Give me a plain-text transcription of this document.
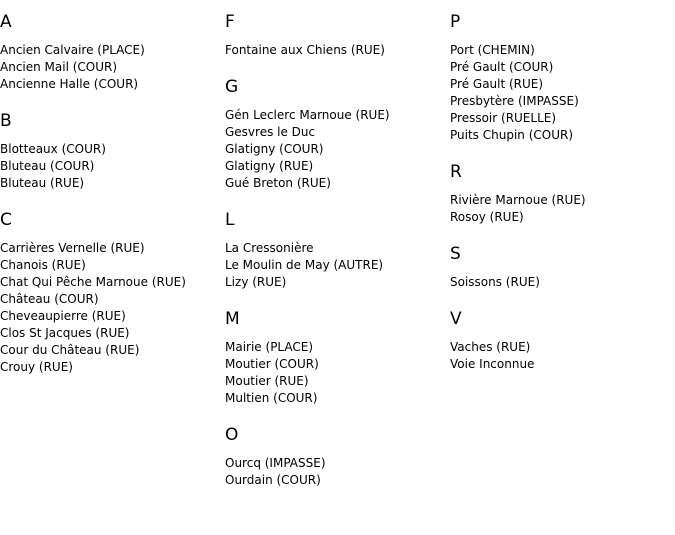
A
Ancien Calvaire (PLACE)
Ancien Mail (COUR)
Ancienne Halle (COUR)
B
Blotteaux (COUR)
Bluteau (COUR)
Bluteau (RUE)
C
Carrières Vernelle (RUE)
Chanois (RUE)
Chat Qui Pêche Marnoue (RUE)
Château (COUR)
Cheveaupierre (RUE)
Clos St Jacques (RUE)
Cour du Château (RUE)
Crouy (RUE)
F
Fontaine aux Chiens (RUE)
G
Gén Leclerc Marnoue (RUE)
Gesvres le Duc
Glatigny (COUR)
Glatigny (RUE)
Gué Breton (RUE)
L
La Cressonière
Le Moulin de May (AUTRE)
Lizy (RUE)
M
Mairie (PLACE)
Moutier (COUR)
Moutier (RUE)
Multien (COUR)
O
Ourcq (IMPASSE)
Ourdain (COUR)
P
Port (CHEMIN)
Pré Gault (COUR)
Pré Gault (RUE)
Presbytère (IMPASSE)
Pressoir (RUELLE)
Puits Chupin (COUR)
R
Rivière Marnoue (RUE)
Rosoy (RUE)
S
Soissons (RUE)
V
Vaches (RUE)
Voie Inconnue
